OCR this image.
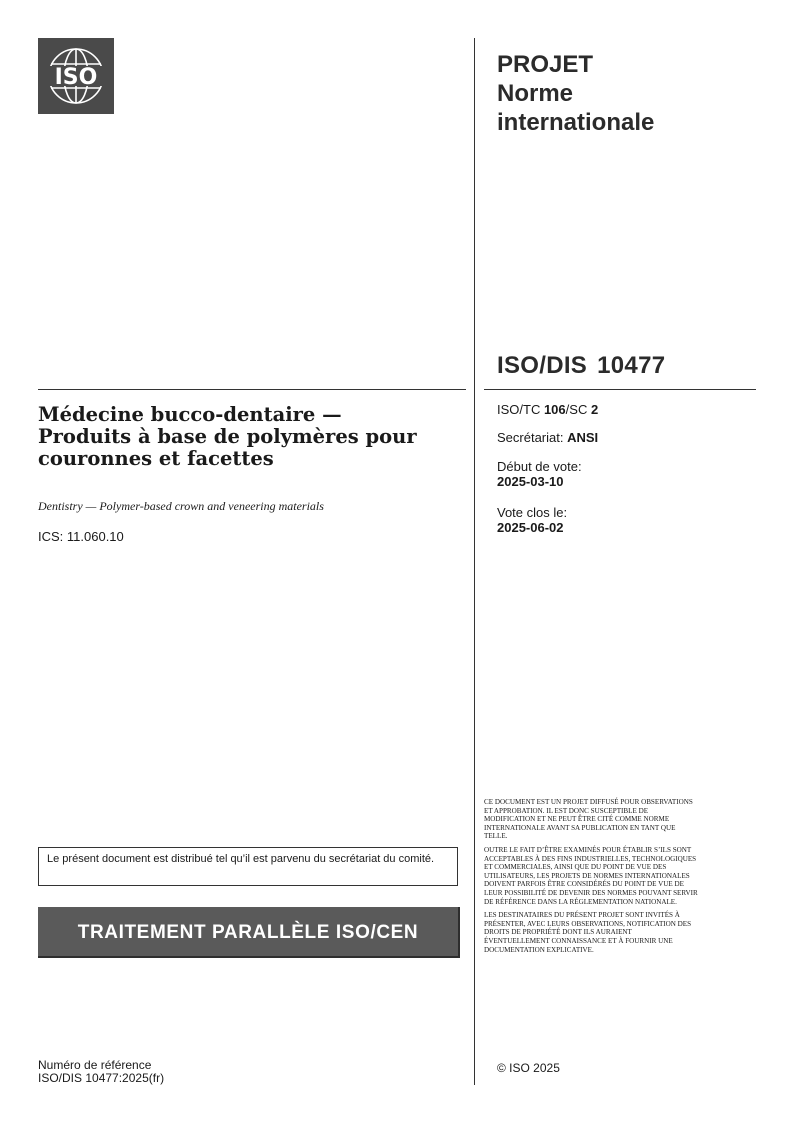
ISO	PROJET
Norme
internationale
ISO/DIS 10477
ISO/TC 106/SC 2
Secrétariat: ANSI
Début de vote:
2025-03-10
Vote clos le:
2025-06-02
Médecine bucco-dentaire —
Produits à base de polymères pour
couronnes et facettes
Dentistry — Polymer-based crown and veneering materials
ICS: 11.060.10
Le présent document est distribué tel qu’il est parvenu du secrétariat du comité.
TRAITEMENT PARALLÈLE ISO/CEN
Numéro de référence
ISO/DIS 10477:2025(fr)

CE DOCUMENT EST UN PROJET DIFFUSÉ POUR OBSERVATIONS ET APPROBATION. IL EST DONC SUSCEPTIBLE DE MODIFICATION ET NE PEUT ÊTRE CITÉ COMME NORME INTERNATIONALE AVANT SA PUBLICATION EN TANT QUE TELLE.

OUTRE LE FAIT D’ÊTRE EXAMINÉS POUR ÉTABLIR S’ILS SONT ACCEPTABLES À DES FINS INDUSTRIELLES, TECHNOLOGIQUES ET COMMERCIALES, AINSI QUE DU POINT DE VUE DES UTILISATEURS, LES PROJETS DE NORMES INTERNATIONALES DOIVENT PARFOIS ÊTRE CONSIDÉRÉS DU POINT DE VUE DE LEUR POSSIBILITÉ DE DEVENIR DES NORMES POUVANT SERVIR DE RÉFÉRENCE DANS LA RÉGLEMENTATION NATIONALE.

LES DESTINATAIRES DU PRÉSENT PROJET SONT INVITÉS À PRÉSENTER, AVEC LEURS OBSERVATIONS, NOTIFICATION DES DROITS DE PROPRIÉTÉ DONT ILS AURAIENT ÉVENTUELLEMENT CONNAISSANCE ET À FOURNIR UNE DOCUMENTATION EXPLICATIVE.

© ISO 2025
